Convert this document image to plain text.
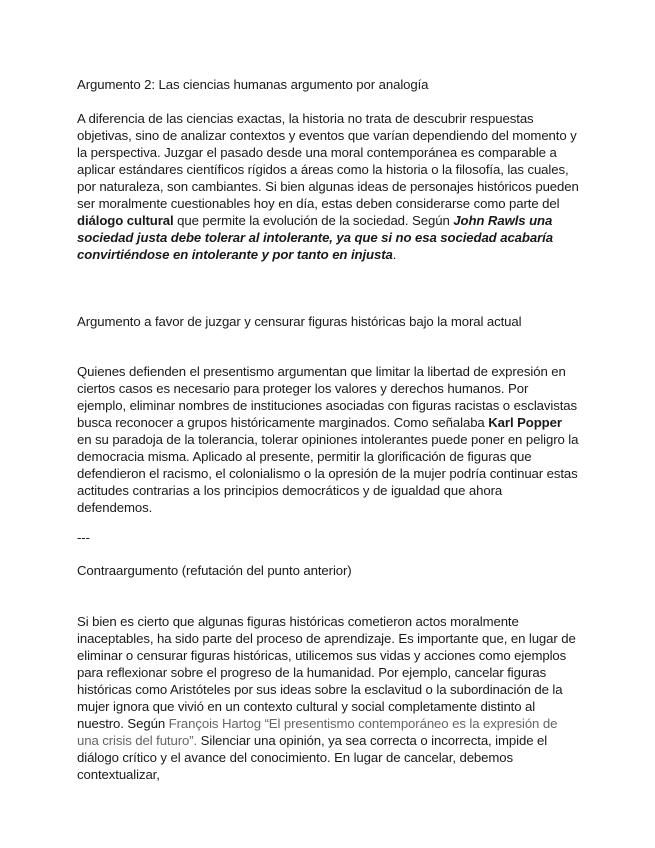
Argumento 2: Las ciencias humanas argumento por analogía

A diferencia de las ciencias exactas, la historia no trata de descubrir respuestas objetivas, sino de analizar contextos y eventos que varían dependiendo del momento y la perspectiva. Juzgar el pasado desde una moral contemporánea es comparable a aplicar estándares científicos rígidos a áreas como la historia o la filosofía, las cuales, por naturaleza, son cambiantes. Si bien algunas ideas de personajes históricos pueden ser moralmente cuestionables hoy en día, estas deben considerarse como parte del diálogo cultural que permite la evolución de la sociedad. Según John Rawls una sociedad justa debe tolerar al intolerante, ya que si no esa sociedad acabaría convirtiéndose en intolerante y por tanto en injusta.

Argumento a favor de juzgar y censurar figuras históricas bajo la moral actual

Quienes defienden el presentismo argumentan que limitar la libertad de expresión en ciertos casos es necesario para proteger los valores y derechos humanos. Por ejemplo, eliminar nombres de instituciones asociadas con figuras racistas o esclavistas busca reconocer a grupos históricamente marginados. Como señalaba Karl Popper en su paradoja de la tolerancia, tolerar opiniones intolerantes puede poner en peligro la democracia misma. Aplicado al presente, permitir la glorificación de figuras que defendieron el racismo, el colonialismo o la opresión de la mujer podría continuar estas actitudes contrarias a los principios democráticos y de igualdad que ahora defendemos.

---

Contraargumento (refutación del punto anterior)

Si bien es cierto que algunas figuras históricas cometieron actos moralmente inaceptables, ha sido parte del proceso de aprendizaje. Es importante que, en lugar de eliminar o censurar figuras históricas, utilicemos sus vidas y acciones como ejemplos para reflexionar sobre el progreso de la humanidad. Por ejemplo, cancelar figuras históricas como Aristóteles por sus ideas sobre la esclavitud o la subordinación de la mujer ignora que vivió en un contexto cultural y social completamente distinto al nuestro. Según François Hartog “El presentismo contemporáneo es la expresión de una crisis del futuro”. Silenciar una opinión, ya sea correcta o incorrecta, impide el diálogo crítico y el avance del conocimiento. En lugar de cancelar, debemos contextualizar,
